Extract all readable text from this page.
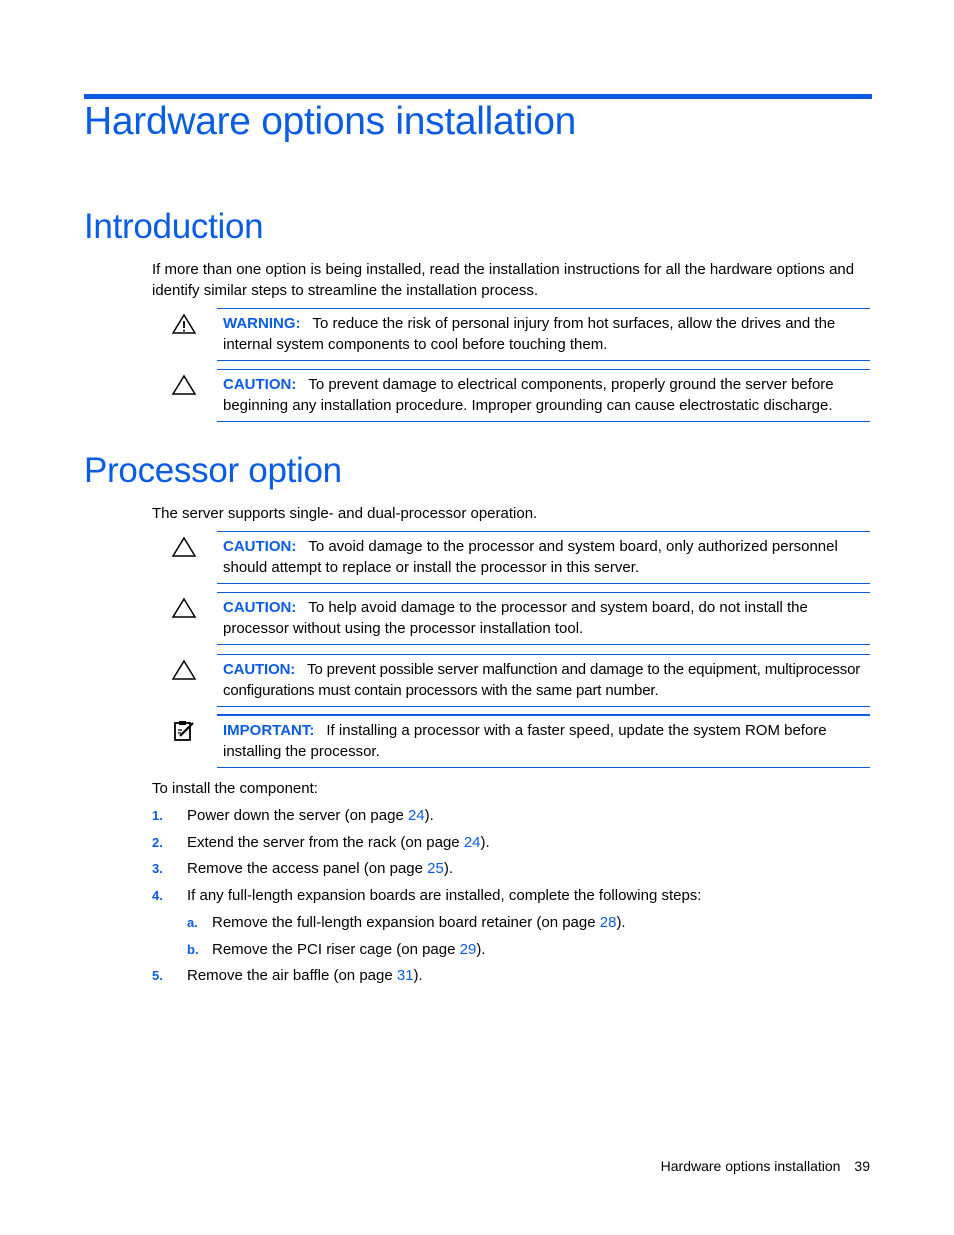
Hardware options installation
Introduction

If more than one option is being installed, read the installation instructions for all the hardware options and identify similar steps to streamline the installation process.

WARNING: To reduce the risk of personal injury from hot surfaces, allow the drives and the internal system components to cool before touching them.

CAUTION: To prevent damage to electrical components, properly ground the server before beginning any installation procedure. Improper grounding can cause electrostatic discharge.

Processor option

The server supports single- and dual-processor operation.

CAUTION: To avoid damage to the processor and system board, only authorized personnel should attempt to replace or install the processor in this server.

CAUTION: To help avoid damage to the processor and system board, do not install the processor without using the processor installation tool.

CAUTION: To prevent possible server malfunction and damage to the equipment, multiprocessor configurations must contain processors with the same part number.

IMPORTANT: If installing a processor with a faster speed, update the system ROM before installing the processor.

To install the component:

1. Power down the server (on page 24).
2. Extend the server from the rack (on page 24).
3. Remove the access panel (on page 25).
4. If any full-length expansion boards are installed, complete the following steps:
a. Remove the full-length expansion board retainer (on page 28).
b. Remove the PCI riser cage (on page 29).
5. Remove the air baffle (on page 31).
Hardware options installation 39
